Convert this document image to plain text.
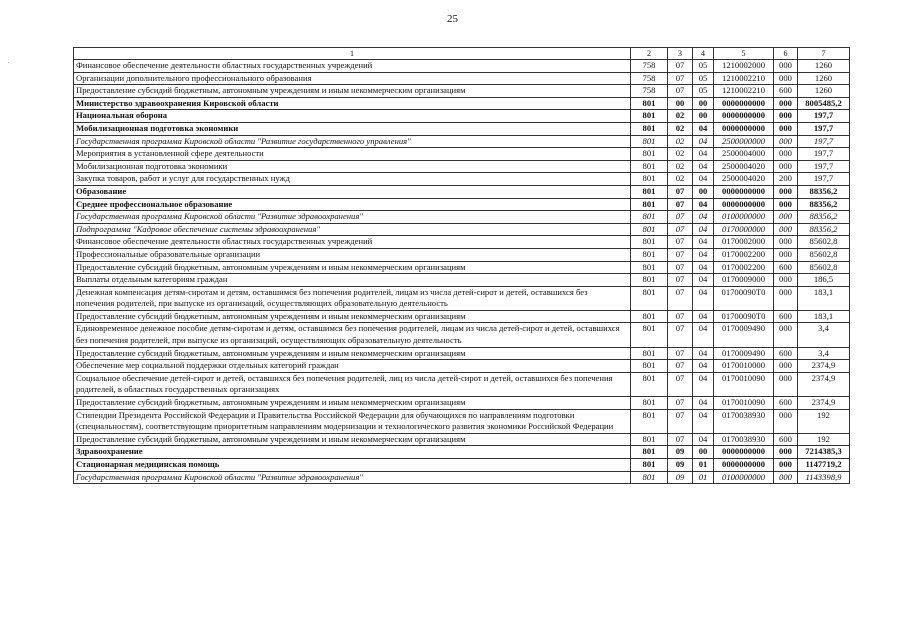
25
1	2	3	4	5	6	7
Финансовое обеспечение деятельности областных государственных учреждений	758	07	05	1210002000	000	1260
Организации дополнительного профессионального образования	758	07	05	1210002210	000	1260
Предоставление субсидий бюджетным, автономным учреждениям и иным некоммерческим организациям	758	07	05	1210002210	600	1260
Министерство здравоохранения Кировской области	801	00	00	0000000000	000	8005485,2
Национальная оборона	801	02	00	0000000000	000	197,7
Мобилизационная подготовка экономики	801	02	04	0000000000	000	197,7
Государственная программа Кировской области "Развитие государственного управления"	801	02	04	2500000000	000	197,7
Мероприятия в установленной сфере деятельности	801	02	04	2500004000	000	197,7
Мобилизационная подготовка экономики	801	02	04	2500004020	000	197,7
Закупка товаров, работ и услуг для государственных нужд	801	02	04	2500004020	200	197,7
Образование	801	07	00	0000000000	000	88356,2
Среднее профессиональное образование	801	07	04	0000000000	000	88356,2
Государственная программа Кировской области "Развитие здравоохранения"	801	07	04	0100000000	000	88356,2
Подпрограмма "Кадровое обеспечение системы здравоохранения"	801	07	04	0170000000	000	88356,2
Финансовое обеспечение деятельности областных государственных учреждений	801	07	04	0170002000	000	85602,8
Профессиональные образовательные организации	801	07	04	0170002200	000	85602,8
Предоставление субсидий бюджетным, автономным учреждениям и иным некоммерческим организациям	801	07	04	0170002200	600	85602,8
Выплаты отдельным категориям граждан	801	07	04	0170009000	000	186,5
Денежная компенсация детям-сиротам и детям, оставшимся без попечения родителей, лицам из числа детей-сирот и детей, оставшихся без попечения родителей, при выпуске из организаций, осуществляющих образовательную деятельность	801	07	04	01700090Т0	000	183,1
Предоставление субсидий бюджетным, автономным учреждениям и иным некоммерческим организациям	801	07	04	01700090Т0	600	183,1
Единовременное денежное пособие детям-сиротам и детям, оставшимся без попечения родителей, лицам из числа детей-сирот и детей, оставшихся без попечения родителей, при выпуске из организаций, осуществляющих образовательную деятельность	801	07	04	0170009490	000	3,4
Предоставление субсидий бюджетным, автономным учреждениям и иным некоммерческим организациям	801	07	04	0170009490	600	3,4
Обеспечение мер социальной поддержки отдельных категорий граждан	801	07	04	0170010000	000	2374,9
Социальное обеспечение детей-сирот и детей, оставшихся без попечения родителей, лиц из числа детей-сирот и детей, оставшихся без попечения родителей, в областных государственных организациях	801	07	04	0170010090	000	2374,9
Предоставление субсидий бюджетным, автономным учреждениям и иным некоммерческим организациям	801	07	04	0170010090	600	2374,9
Стипендии Президента Российской Федерации и Правительства Российской Федерации для обучающихся по направлениям подготовки (специальностям), соответствующим приоритетным направлениям модернизации и технологического развития экономики Российской Федерации	801	07	04	0170038930	000	192
Предоставление субсидий бюджетным, автономным учреждениям и иным некоммерческим организациям	801	07	04	0170038930	600	192
Здравоохранение	801	09	00	0000000000	000	7214385,3
Стационарная медицинская помощь	801	09	01	0000000000	000	1147719,2
Государственная программа Кировской области "Развитие здравоохранения"	801	09	01	0100000000	000	1143398,9
